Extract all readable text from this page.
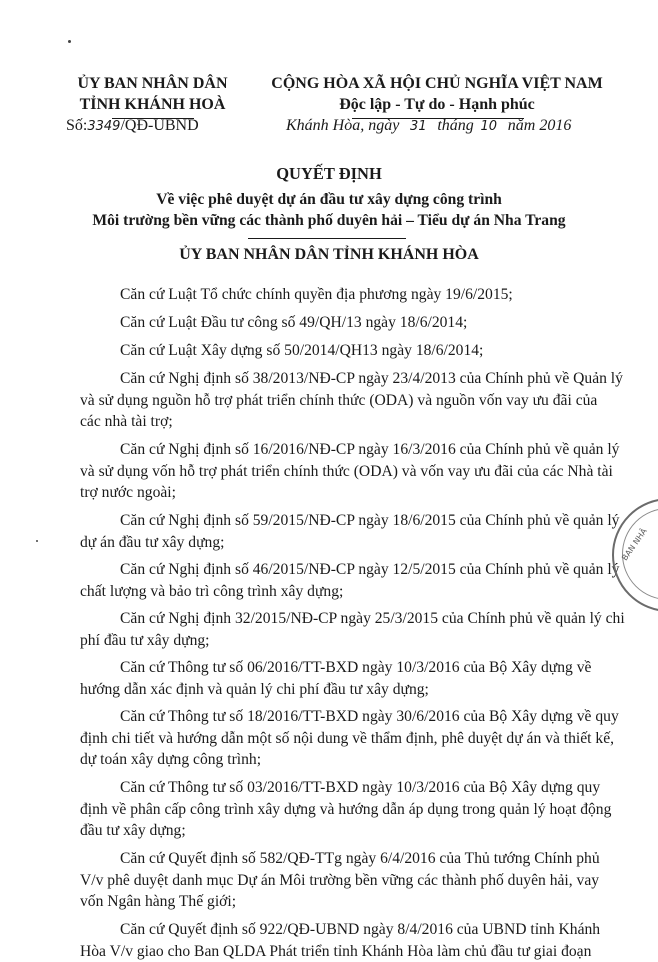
ỦY BAN NHÂN DÂN
TỈNH KHÁNH HOÀ
Số:3349/QĐ-UBND
CỘNG HÒA XÃ HỘI CHỦ NGHĨA VIỆT NAM
Độc lập - Tự do - Hạnh phúc
Khánh Hòa, ngày 31 tháng 10 năm 2016
QUYẾT ĐỊNH
Về việc phê duyệt dự án đầu tư xây dựng công trình
Môi trường bền vững các thành phố duyên hải – Tiểu dự án Nha Trang
ỦY BAN NHÂN DÂN TỈNH KHÁNH HÒA
Căn cứ Luật Tổ chức chính quyền địa phương ngày 19/6/2015;
Căn cứ Luật Đầu tư công số 49/QH/13 ngày 18/6/2014;
Căn cứ Luật Xây dựng số 50/2014/QH13 ngày 18/6/2014;
Căn cứ Nghị định số 38/2013/NĐ-CP ngày 23/4/2013 của Chính phủ về Quản lý
và sử dụng nguồn hỗ trợ phát triển chính thức (ODA) và nguồn vốn vay ưu đãi của
các nhà tài trợ;
Căn cứ Nghị định số 16/2016/NĐ-CP ngày 16/3/2016 của Chính phủ về quản lý
và sử dụng vốn hỗ trợ phát triển chính thức (ODA) và vốn vay ưu đãi của các Nhà tài
trợ nước ngoài;
Căn cứ Nghị định số 59/2015/NĐ-CP ngày 18/6/2015 của Chính phủ về quản lý
dự án đầu tư xây dựng;
Căn cứ Nghị định số 46/2015/NĐ-CP ngày 12/5/2015 của Chính phủ về quản lý
chất lượng và bảo trì công trình xây dựng;
Căn cứ Nghị định 32/2015/NĐ-CP ngày 25/3/2015 của Chính phủ về quản lý chi
phí đầu tư xây dựng;
Căn cứ Thông tư số 06/2016/TT-BXD ngày 10/3/2016 của Bộ Xây dựng về
hướng dẫn xác định và quản lý chi phí đầu tư xây dựng;
Căn cứ Thông tư số 18/2016/TT-BXD ngày 30/6/2016 của Bộ Xây dựng về quy
định chi tiết và hướng dẫn một số nội dung về thẩm định, phê duyệt dự án và thiết kế,
dự toán xây dựng công trình;
Căn cứ Thông tư số 03/2016/TT-BXD ngày 10/3/2016 của Bộ Xây dựng quy
định về phân cấp công trình xây dựng và hướng dẫn áp dụng trong quản lý hoạt động
đầu tư xây dựng;
Căn cứ Quyết định số 582/QĐ-TTg ngày 6/4/2016 của Thủ tướng Chính phủ
V/v phê duyệt danh mục Dự án Môi trường bền vững các thành phố duyên hải, vay
vốn Ngân hàng Thế giới;
Căn cứ Quyết định số 922/QĐ-UBND ngày 8/4/2016 của UBND tỉnh Khánh
Hòa V/v giao cho Ban QLDA Phát triển tỉnh Khánh Hòa làm chủ đầu tư giai đoạn
BAN NHÂ
